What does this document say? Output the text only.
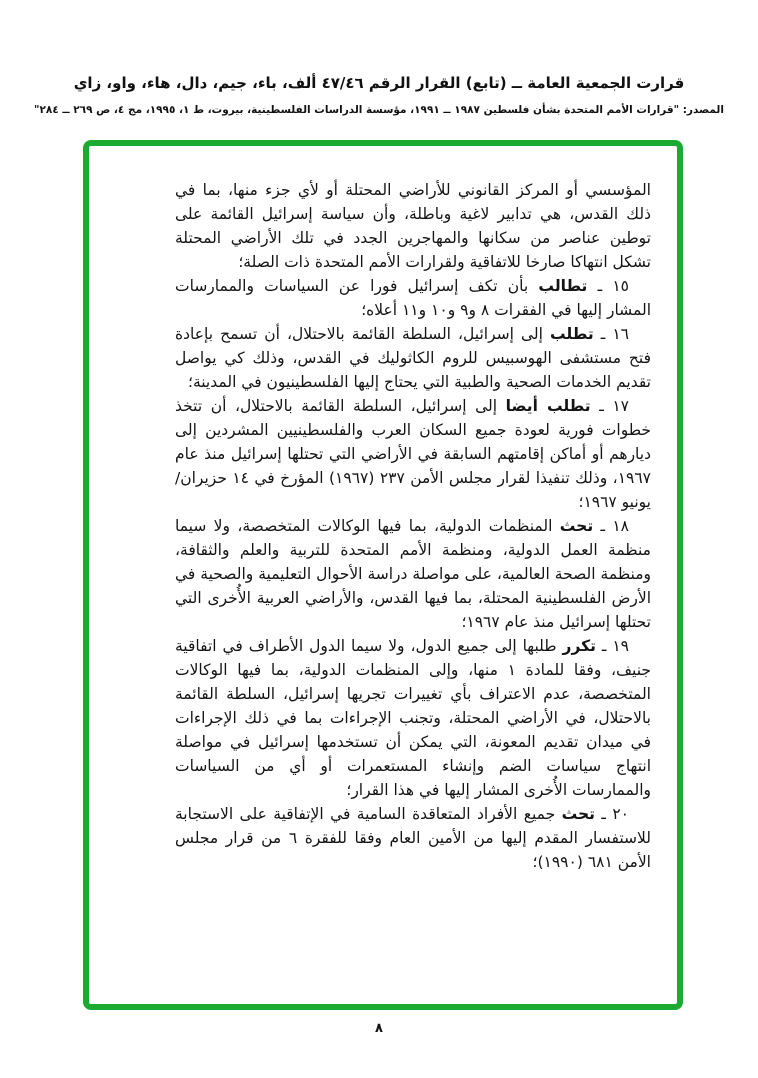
قرارت الجمعية العامة ــ (تابع) القرار الرقم ٤٧/٤٦ ألف، باء، جيم، دال، هاء، واو، زاي
المصدر: "قرارات الأمم المتحدة بشأن فلسطين ١٩٨٧ ــ ١٩٩١، مؤسسة الدراسات الفلسطينية، بيروت، ط ١، ١٩٩٥، مج ٤، ص ٢٦٩ ــ ٢٨٤"

المؤسسي أو المركز القانوني للأراضي المحتلة أو لأي جزء منها، بما في ذلك القدس، هي تدابير لاغية وباطلة، وأن سياسة إسرائيل القائمة على توطين عناصر من سكانها والمهاجرين الجدد في تلك الأراضي المحتلة تشكل انتهاكا صارخا للاتفاقية ولقرارات الأمم المتحدة ذات الصلة؛

١٥ ـ تطالب بأن تكف إسرائيل فورا عن السياسات والممارسات المشار إليها في الفقرات ٨ و٩ و١٠ و١١ أعلاه؛

١٦ ـ تطلب إلى إسرائيل، السلطة القائمة بالاحتلال، أن تسمح بإعادة فتح مستشفى الهوسبيس للروم الكاثوليك في القدس، وذلك كي يواصل تقديم الخدمات الصحية والطبية التي يحتاج إليها الفلسطينيون في المدينة؛

١٧ ـ تطلب أيضا إلى إسرائيل، السلطة القائمة بالاحتلال، أن تتخذ خطوات فورية لعودة جميع السكان العرب والفلسطينيين المشردين إلى ديارهم أو أماكن إقامتهم السابقة في الأراضي التي تحتلها إسرائيل منذ عام ١٩٦٧، وذلك تنفيذا لقرار مجلس الأمن ٢٣٧ (١٩٦٧) المؤرخ في ١٤ حزيران/يونيو ١٩٦٧؛

١٨ ـ تحث المنظمات الدولية، بما فيها الوكالات المتخصصة، ولا سيما منظمة العمل الدولية، ومنظمة الأمم المتحدة للتربية والعلم والثقافة، ومنظمة الصحة العالمية، على مواصلة دراسة الأحوال التعليمية والصحية في الأرض الفلسطينية المحتلة، بما فيها القدس، والأراضي العربية الأُخرى التي تحتلها إسرائيل منذ عام ١٩٦٧؛

١٩ ـ تكرر طلبها إلى جميع الدول، ولا سيما الدول الأطراف في اتفاقية جنيف، وفقا للمادة ١ منها، وإلى المنظمات الدولية، بما فيها الوكالات المتخصصة، عدم الاعتراف بأي تغييرات تجريها إسرائيل، السلطة القائمة بالاحتلال، في الأراضي المحتلة، وتجنب الإجراءات بما في ذلك الإجراءات في ميدان تقديم المعونة، التي يمكن أن تستخدمها إسرائيل في مواصلة انتهاج سياسات الضم وإنشاء المستعمرات أو أي من السياسات والممارسات الأُخرى المشار إليها في هذا القرار؛

٢٠ ـ تحث جميع الأفراد المتعاقدة السامية في الإتفاقية على الاستجابة للاستفسار المقدم إليها من الأمين العام وفقا للفقرة ٦ من قرار مجلس الأمن ٦٨١ (١٩٩٠)؛

٨
